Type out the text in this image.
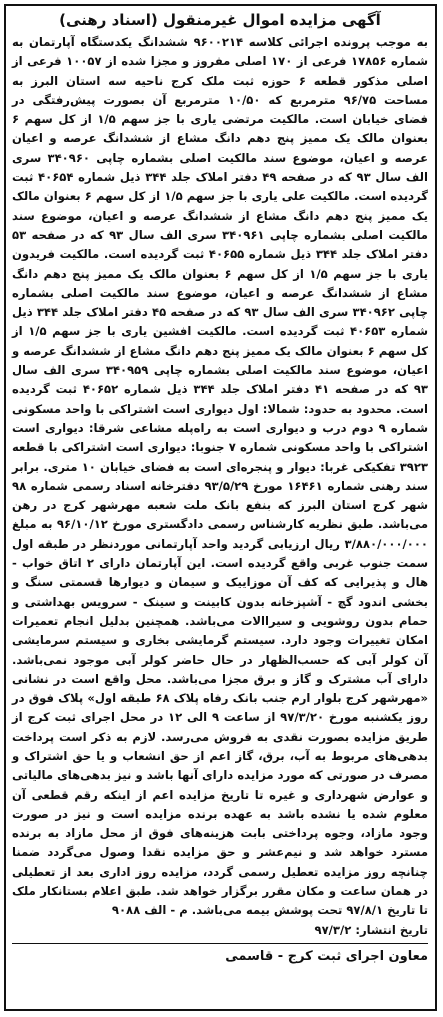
آگهی مزایده اموال غیرمنقول (اسناد رهنی)

به موجب پرونده اجرائی کلاسه ۹۶۰۰۲۱۴ ششدانگ یکدستگاه آپارتمان به شماره ۱۷۸۵۶ فرعی از ۱۷۰ اصلی مفروز و مجزا شده از ۱۰۰۵۷ فرعی از اصلی مذکور قطعه ۶ حوزه ثبت ملک کرج ناحیه سه استان البرز به مساحت ۹۶/۷۵ مترمربع که ۱۰/۵۰ مترمربع آن بصورت پیش‌رفتگی در فضای خیابان است. مالکیت مرتضی یاری با جز سهم ۱/۵ از کل سهم ۶ بعنوان مالک یک ممیز پنج دهم دانگ مشاع از ششدانگ عرصه و اعیان عرصه و اعیان، موضوع سند مالکیت اصلی بشماره چاپی ۳۴۰۹۶۰ سری الف سال ۹۳ که در صفحه ۴۹ دفتر املاک جلد ۳۴۴ ذیل شماره ۴۰۶۵۴ ثبت گردیده است. مالکیت علی یاری با جز سهم ۱/۵ از کل سهم ۶ بعنوان مالک یک ممیز پنج دهم دانگ مشاع از ششدانگ عرصه و اعیان، موضوع سند مالکیت اصلی بشماره چاپی ۳۴۰۹۶۱ سری الف سال ۹۳ که در صفحه ۵۳ دفتر املاک جلد ۳۴۴ ذیل شماره ۴۰۶۵۵ ثبت گردیده است. مالکیت فریدون یاری با جز سهم ۱/۵ از کل سهم ۶ بعنوان مالک یک ممیز پنج دهم دانگ مشاع از ششدانگ عرصه و اعیان، موضوع سند مالکیت اصلی بشماره چاپی ۳۴۰۹۶۲ سری الف سال ۹۳ که در صفحه ۴۵ دفتر املاک جلد ۳۴۴ ذیل شماره ۴۰۶۵۳ ثبت گردیده است. مالکیت افشین یاری با جز سهم ۱/۵ از کل سهم ۶ بعنوان مالک یک ممیز پنج دهم دانگ مشاع از ششدانگ عرصه و اعیان، موضوع سند مالکیت اصلی بشماره چاپی ۳۴۰۹۵۹ سری الف سال ۹۳ که در صفحه ۴۱ دفتر املاک جلد ۳۴۴ ذیل شماره ۴۰۶۵۲ ثبت گردیده است. محدود به حدود: شمالا: اول دیواری است اشتراکی با واحد مسکونی شماره ۹ دوم درب و دیواری است به راه‌پله مشاعی شرقا: دیواری است اشتراکی با واحد مسکونی شماره ۷ جنوبا: دیواری است اشتراکی با قطعه ۳۹۲۳ تفکیکی غربا: دیوار و پنجره‌ای است به فضای خیابان ۱۰ متری. برابر سند رهنی شماره ۱۶۴۶۱ مورخ ۹۳/۵/۲۹ دفترخانه اسناد رسمی شماره ۹۸ شهر کرج استان البرز که بنفع بانک ملت شعبه مهرشهر کرج در رهن می‌باشد. طبق نظریه کارشناس رسمی دادگستری مورخ ۹۶/۱۰/۱۲ به مبلغ ۳/۸۸۰/۰۰۰/۰۰۰ ریال ارزیابی گردید واحد آپارتمانی موردنظر در طبقه اول سمت جنوب غربی واقع گردیده است. این آپارتمان دارای ۲ اتاق خواب - هال و پذیرایی که کف آن موزاییک و سیمان و دیوارها قسمتی سنگ و بخشی اندود گچ - آشپزخانه بدون کابینت و سینک - سرویس بهداشتی و حمام بدون روشویی و سیراالات می‌باشد. همچنین بدلیل انجام تعمیرات امکان تغییرات وجود دارد. سیستم گرمایشی بخاری و سیستم سرمایشی آن کولر آبی که حسب‌الظهار در حال حاضر کولر آبی موجود نمی‌باشد. دارای آب مشترک و گاز و برق مجزا می‌باشد. محل واقع است در نشانی «مهرشهر کرج بلوار ارم جنب بانک رفاه پلاک ۶۸ طبقه اول» پلاک فوق در روز یکشنبه مورخ ۹۷/۳/۲۰ از ساعت ۹ الی ۱۲ در محل اجرای ثبت کرج از طریق مزایده بصورت نقدی به فروش می‌رسد. لازم به ذکر است پرداخت بدهی‌های مربوط به آب، برق، گاز اعم از حق انشعاب و یا حق اشتراک و مصرف در صورتی که مورد مزایده دارای آنها باشد و نیز بدهی‌های مالیاتی و عوارض شهرداری و غیره تا تاریخ مزایده اعم از اینکه رقم قطعی آن معلوم شده یا نشده باشد به عهده برنده مزایده است و نیز در صورت وجود مازاد، وجوه پرداختی بابت هزینه‌های فوق از محل مازاد به برنده مسترد خواهد شد و نیم‌عشر و حق مزایده نقدا وصول می‌گردد ضمنا چنانچه روز مزایده تعطیل رسمی گردد، مزایده روز اداری بعد از تعطیلی در همان ساعت و مکان مقرر برگزار خواهد شد. طبق اعلام بستانکار ملک تا تاریخ ۹۷/۸/۱ تحت پوشش بیمه می‌باشد. م - الف ۹۰۸۸

تاریخ انتشار: ۹۷/۳/۲

معاون اجرای ثبت کرج - قاسمی
